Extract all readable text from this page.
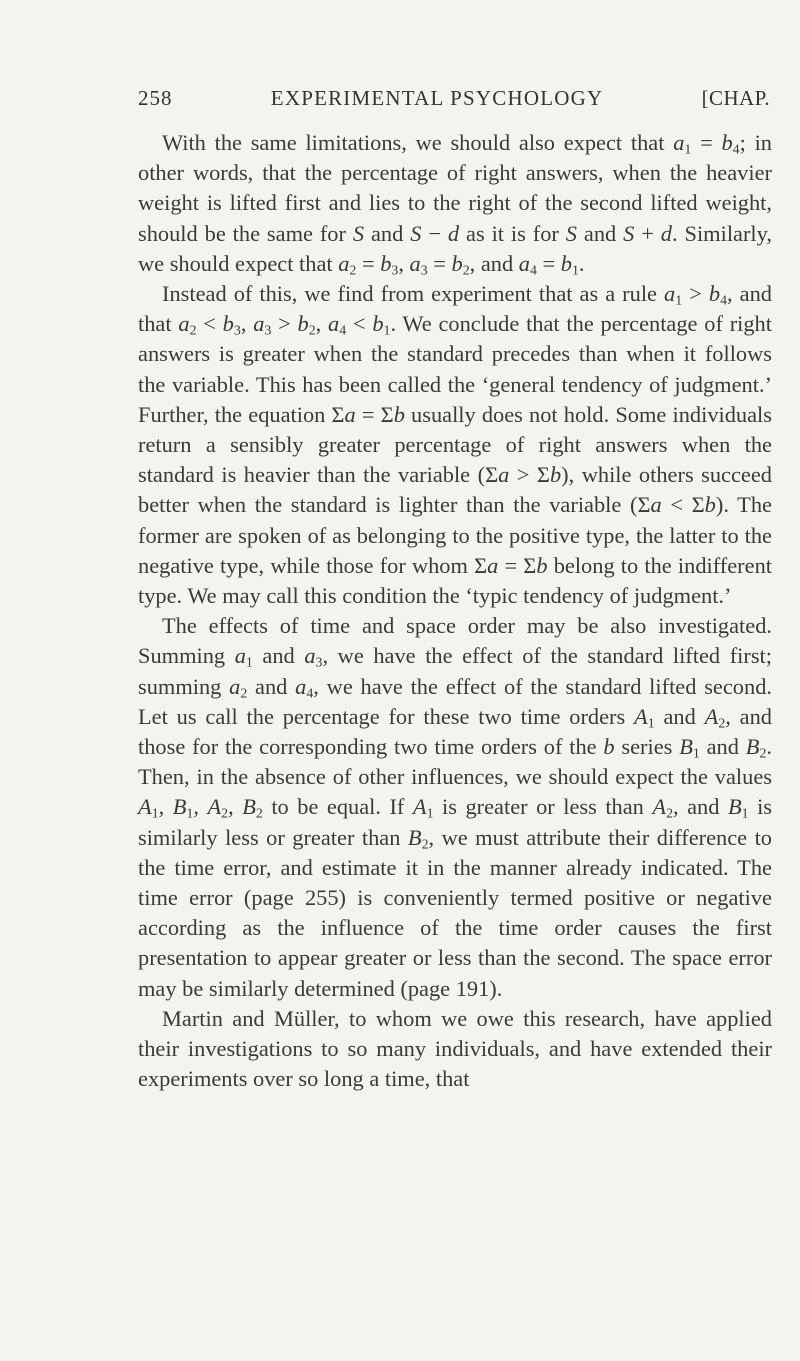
258	EXPERIMENTAL PSYCHOLOGY	[CHAP.

With the same limitations, we should also expect that $a_1 = b_4$; in other words, that the percentage of right answers, when the heavier weight is lifted first and lies to the right of the second lifted weight, should be the same for S and S − d as it is for S and S + d. Similarly, we should expect that $a_2 = b_3$, $a_3 = b_2$, and $a_4 = b_1$.

Instead of this, we find from experiment that as a rule $a_1 > b_4$, and that $a_2 < b_3$, $a_3 > b_2$, $a_4 < b_1$. We conclude that the percentage of right answers is greater when the standard precedes than when it follows the variable. This has been called the ‘general tendency of judgment.’ Further, the equation Σa = Σb usually does not hold. Some individuals return a sensibly greater percentage of right answers when the standard is heavier than the variable (Σa > Σb), while others succeed better when the standard is lighter than the variable (Σa < Σb). The former are spoken of as belonging to the positive type, the latter to the negative type, while those for whom Σa = Σb belong to the indifferent type. We may call this condition the ‘typic tendency of judgment.’

The effects of time and space order may be also investigated. Summing $a_1$ and $a_3$, we have the effect of the standard lifted first; summing $a_2$ and $a_4$, we have the effect of the standard lifted second. Let us call the percentage for these two time orders $A_1$ and $A_2$, and those for the corresponding two time orders of the b series $B_1$ and $B_2$. Then, in the absence of other influences, we should expect the values $A_1$, $B_1$, $A_2$, $B_2$ to be equal. If $A_1$ is greater or less than $A_2$, and $B_1$ is similarly less or greater than $B_2$, we must attribute their difference to the time error, and estimate it in the manner already indicated. The time error (page 255) is conveniently termed positive or negative according as the influence of the time order causes the first presentation to appear greater or less than the second. The space error may be similarly determined (page 191).

Martin and Müller, to whom we owe this research, have applied their investigations to so many individuals, and have extended their experiments over so long a time, that
